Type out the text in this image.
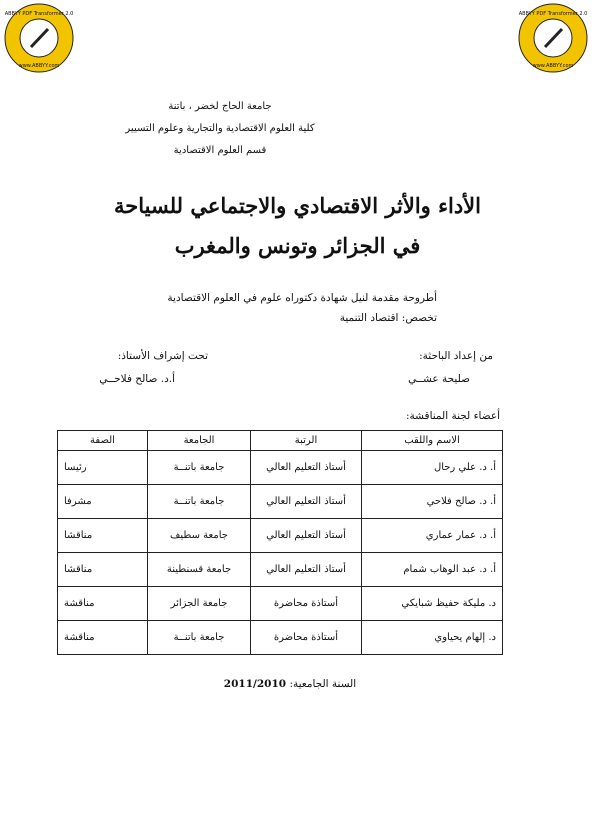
ABBYY PDF Transformer 2.0
www.ABBYY.com
ABBYY PDF Transformer 2.0
www.ABBYY.com
جامعة الحاج لخضر ، باتنة
كلية العلوم الاقتصادية والتجارية وعلوم التسيير
قسم العلوم الاقتصادية
الأداء والأثر الاقتصادي والاجتماعي للسياحة
في الجزائر وتونس والمغرب
أطروحة مقدمة لنيل شهادة دكتوراه علوم في العلوم الاقتصادية
تخصص: اقتصاد التنمية
من إعداد الباحثة:
صليحة عشــي
تحت إشراف الأستاذ:
أ.د. صالح فلاحــي
أعضاء لجنة المناقشة:
الاسم واللقب	الرتبة	الجامعة	الصفة
أ. د. علي رحال	أستاذ التعليم العالي	جامعة باتنــة	رئيسا
أ. د. صالح فلاحي	أستاذ التعليم العالي	جامعة باتنــة	مشرفا
أ. د. عمار عماري	أستاذ التعليم العالي	جامعة سطيف	مناقشا
أ. د. عبد الوهاب شمام	أستاذ التعليم العالي	جامعة قسنطينة	مناقشا
د. مليكة حفيظ شبايكي	أستاذة محاضرة	جامعة الجزائر	مناقشة
د. إلهام يحياوي	أستاذة محاضرة	جامعة باتنــة	مناقشة
السنة الجامعية: 2011/2010
